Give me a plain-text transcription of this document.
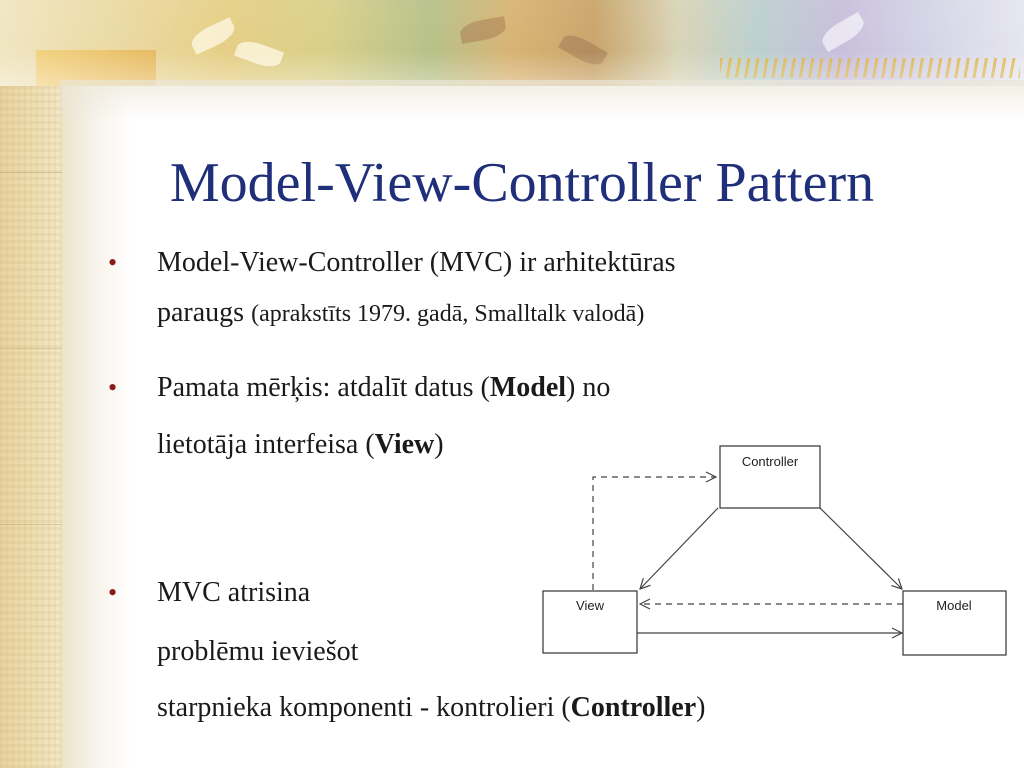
Model-View-Controller Pattern
• Model-View-Controller (MVC) ir arhitektūras
paraugs (aprakstīts 1979. gadā, Smalltalk valodā)
• Pamata mērķis: atdalīt datus (Model) no
lietotāja interfeisa (View)
• MVC atrisina
problēmu ieviešot
starpnieka komponenti - kontrolieri (Controller)
Controller
View	Model
